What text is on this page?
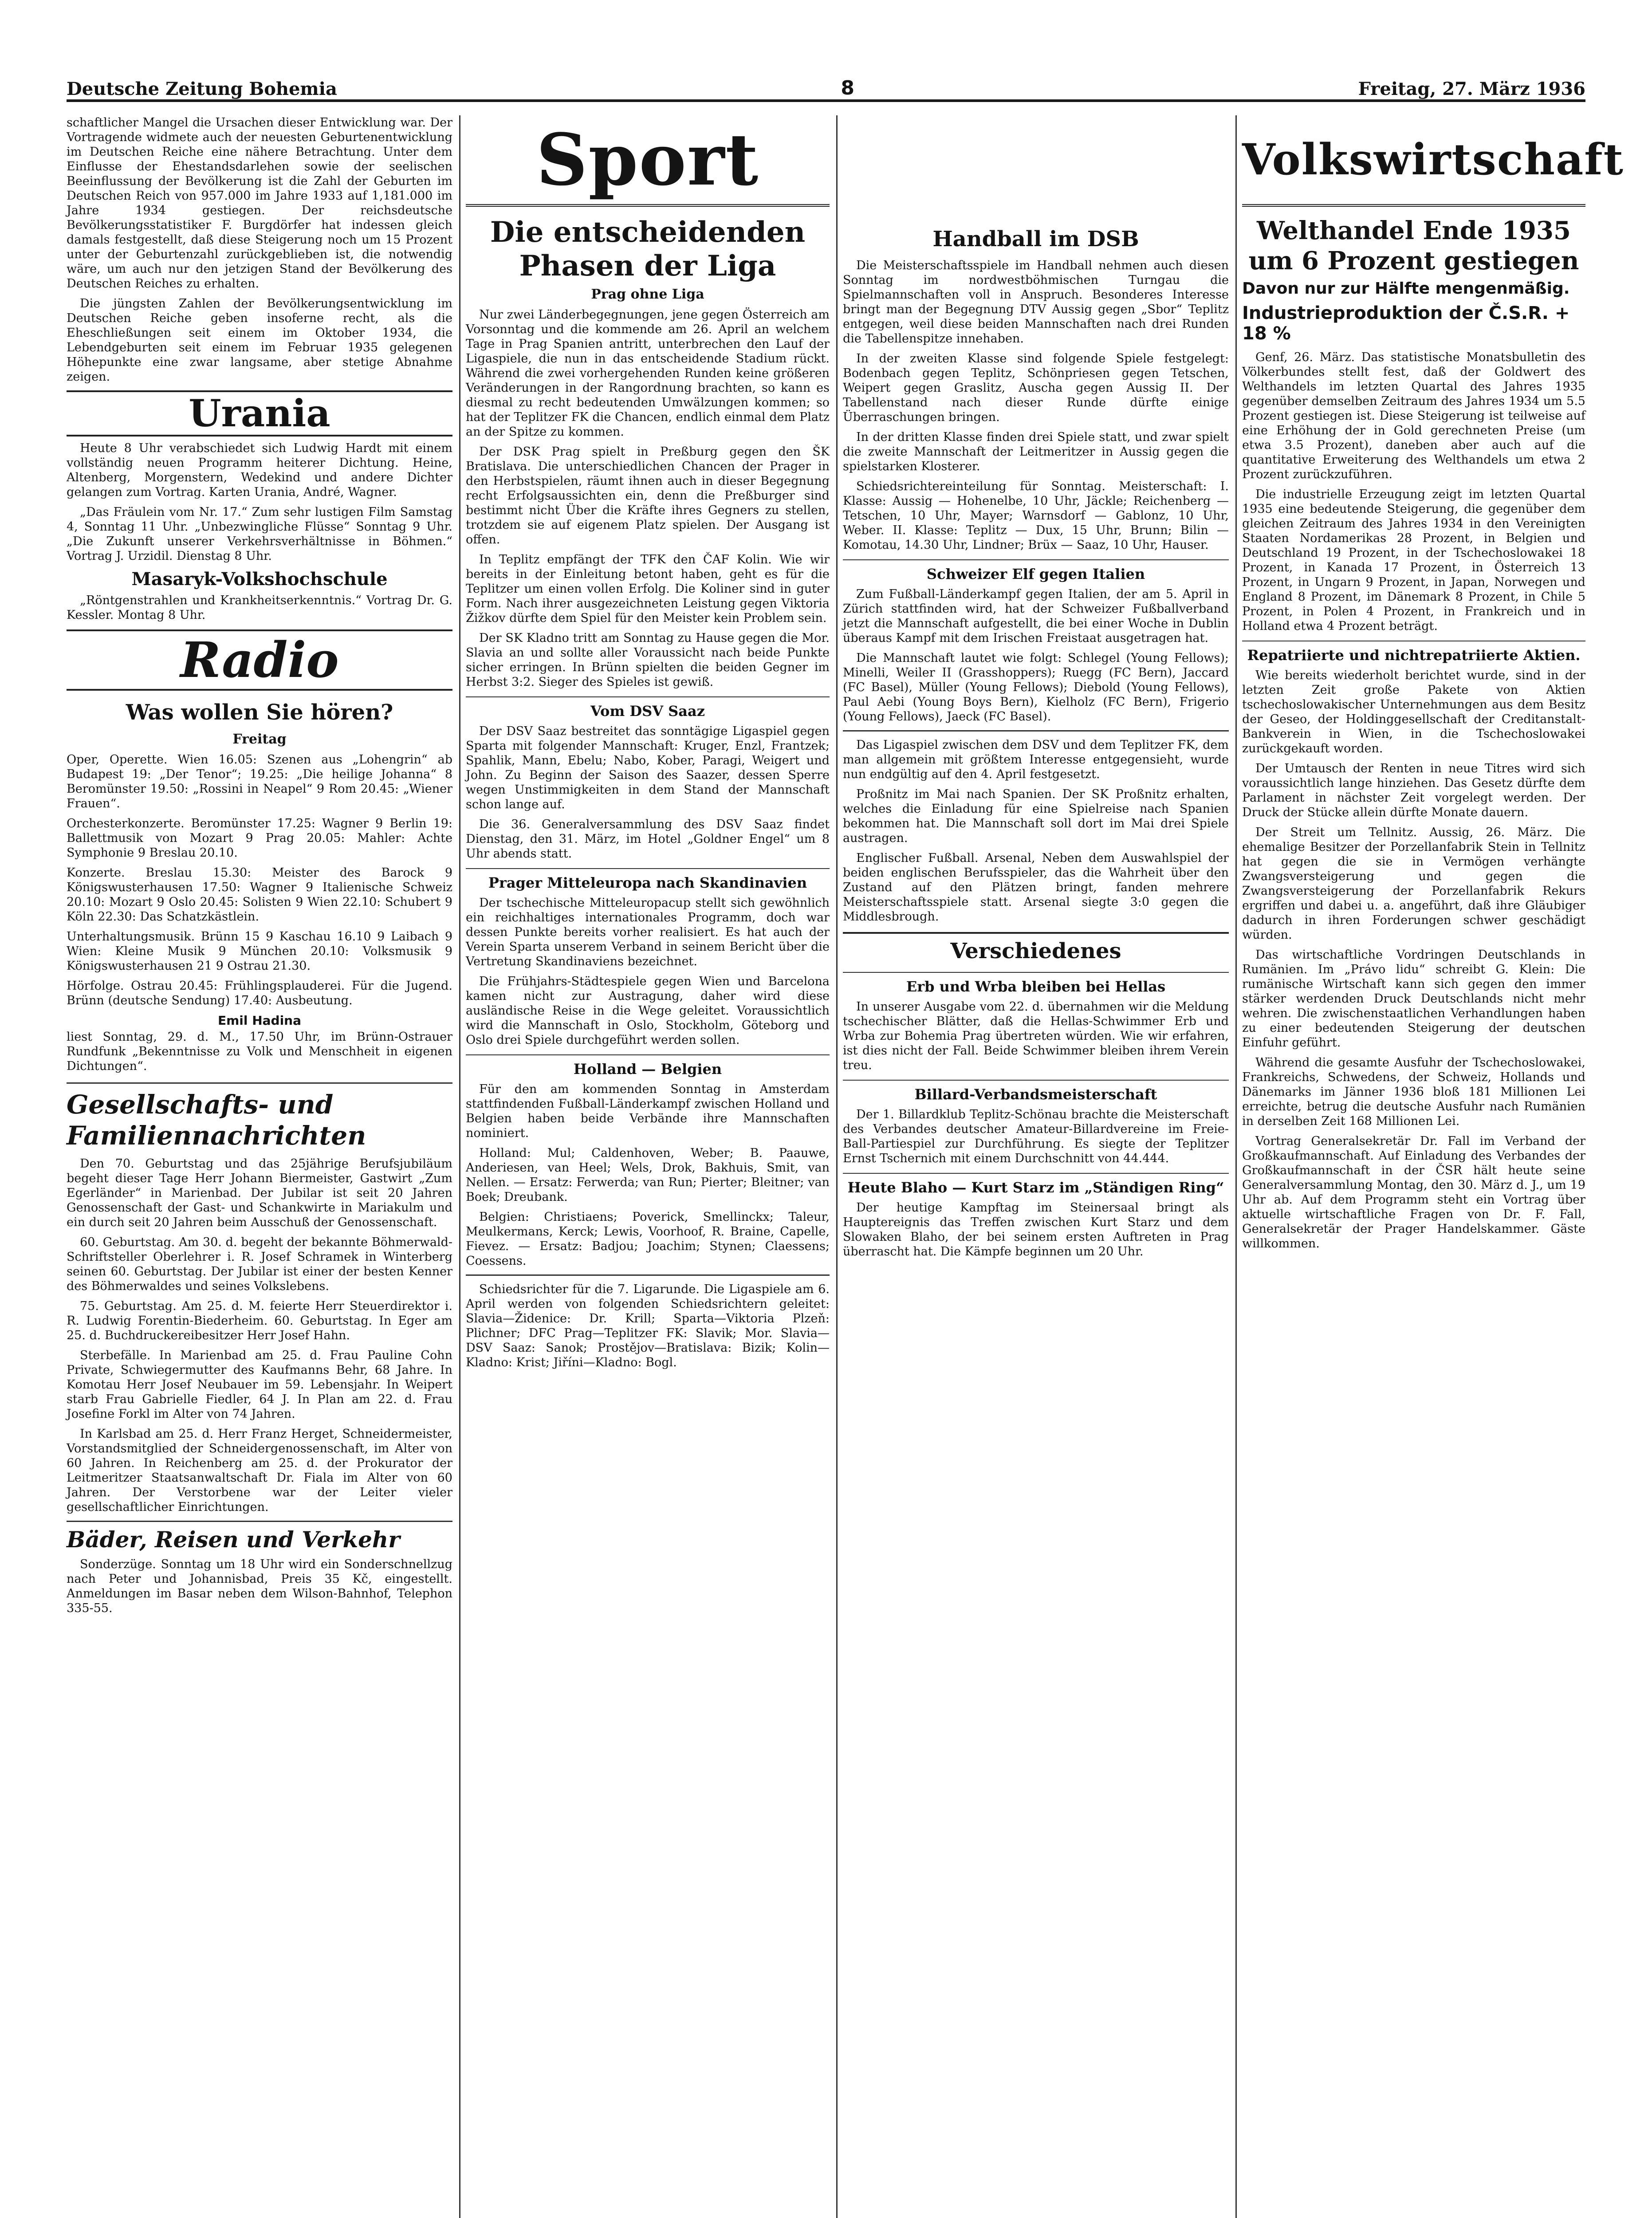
Deutsche Zeitung Bohemia	8	Freitag, 27. März 1936

schaftlicher Mangel die Ursachen dieser Entwicklung war. Der Vortragende widmete auch der neuesten Geburtenentwicklung im Deutschen Reiche eine nähere Betrachtung. Unter dem Einflusse der Ehestandsdarlehen sowie der seelischen Beeinflussung der Bevölkerung ist die Zahl der Geburten im Deutschen Reich von 957.000 im Jahre 1933 auf 1,181.000 im Jahre 1934 gestiegen. Der reichsdeutsche Bevölkerungsstatistiker F. Burgdörfer hat indessen gleich damals festgestellt, daß diese Steigerung noch um 15 Prozent unter der Geburtenzahl zurückgeblieben ist, die notwendig wäre, um auch nur den jetzigen Stand der Bevölkerung des Deutschen Reiches zu erhalten.

Die jüngsten Zahlen der Bevölkerungsentwicklung im Deutschen Reiche geben insoferne recht, als die Eheschließungen seit einem im Oktober 1934, die Lebendgeburten seit einem im Februar 1935 gelegenen Höhepunkte eine zwar langsame, aber stetige Abnahme zeigen.

Urania

Heute 8 Uhr verabschiedet sich Ludwig Hardt mit einem vollständig neuen Programm heiterer Dichtung. Heine, Altenberg, Morgenstern, Wedekind und andere Dichter gelangen zum Vortrag. Karten Urania, André, Wagner.

„Das Fräulein vom Nr. 17.“ Zum sehr lustigen Film Samstag 4, Sonntag 11 Uhr. „Unbezwingliche Flüsse“ Sonntag 9 Uhr. „Die Zukunft unserer Verkehrsverhältnisse in Böhmen.“ Vortrag J. Urzidil. Dienstag 8 Uhr.

Masaryk-Volkshochschule

„Röntgenstrahlen und Krankheitserkenntnis.“ Vortrag Dr. G. Kessler. Montag 8 Uhr.

Radio
Was wollen Sie hören?
Freitag

Oper, Operette. Wien 16.05: Szenen aus „Lohengrin“ ab Budapest 19: „Der Tenor“; 19.25: „Die heilige Johanna“ 8 Beromünster 19.50: „Rossini in Neapel“ 9 Rom 20.45: „Wiener Frauen“.

Orchesterkonzerte. Beromünster 17.25: Wagner 9 Berlin 19: Ballettmusik von Mozart 9 Prag 20.05: Mahler: Achte Symphonie 9 Breslau 20.10.

Konzerte. Breslau 15.30: Meister des Barock 9 Königswusterhausen 17.50: Wagner 9 Italienische Schweiz 20.10: Mozart 9 Oslo 20.45: Solisten 9 Wien 22.10: Schubert 9 Köln 22.30: Das Schatzkästlein.

Unterhaltungsmusik. Brünn 15 9 Kaschau 16.10 9 Laibach 9 Wien: Kleine Musik 9 München 20.10: Volksmusik 9 Königswusterhausen 21 9 Ostrau 21.30.

Hörfolge. Ostrau 20.45: Frühlingsplauderei. Für die Jugend. Brünn (deutsche Sendung) 17.40: Ausbeutung.

Emil Hadina

liest Sonntag, 29. d. M., 17.50 Uhr, im Brünn-Ostrauer Rundfunk „Bekenntnisse zu Volk und Menschheit in eigenen Dichtungen“.

Gesellschafts- und Familiennachrichten

Den 70. Geburtstag und das 25jährige Berufsjubiläum begeht dieser Tage Herr Johann Biermeister, Gastwirt „Zum Egerländer“ in Marienbad. Der Jubilar ist seit 20 Jahren Genossenschaft der Gast- und Schankwirte in Mariakulm und ein durch seit 20 Jahren beim Ausschuß der Genossenschaft.

60. Geburtstag. Am 30. d. begeht der bekannte Böhmerwald-Schriftsteller Oberlehrer i. R. Josef Schramek in Winterberg seinen 60. Geburtstag. Der Jubilar ist einer der besten Kenner des Böhmerwaldes und seines Volkslebens.

75. Geburtstag. Am 25. d. M. feierte Herr Steuerdirektor i. R. Ludwig Forentin-Biederheim. 60. Geburtstag. In Eger am 25. d. Buchdruckereibesitzer Herr Josef Hahn.

Sterbefälle. In Marienbad am 25. d. Frau Pauline Cohn Private, Schwiegermutter des Kaufmanns Behr, 68 Jahre. In Komotau Herr Josef Neubauer im 59. Lebensjahr. In Weipert starb Frau Gabrielle Fiedler, 64 J. In Plan am 22. d. Frau Josefine Forkl im Alter von 74 Jahren.

In Karlsbad am 25. d. Herr Franz Herget, Schneidermeister, Vorstandsmitglied der Schneidergenossenschaft, im Alter von 60 Jahren. In Reichenberg am 25. d. der Prokurator der Leitmeritzer Staatsanwaltschaft Dr. Fiala im Alter von 60 Jahren. Der Verstorbene war der Leiter vieler gesellschaftlicher Einrichtungen.

Bäder, Reisen und Verkehr

Sonderzüge. Sonntag um 18 Uhr wird ein Sonderschnellzug nach Peter und Johannisbad, Preis 35 Kč, eingestellt. Anmeldungen im Basar neben dem Wilson-Bahnhof, Telephon 335-55.

Sport
Die entscheidenden Phasen der Liga
Prag ohne Liga

Nur zwei Länderbegegnungen, jene gegen Österreich am Vorsonntag und die kommende am 26. April an welchem Tage in Prag Spanien antritt, unterbrechen den Lauf der Ligaspiele, die nun in das entscheidende Stadium rückt. Während die zwei vorhergehenden Runden keine größeren Veränderungen in der Rangordnung brachten, so kann es diesmal zu recht bedeutenden Umwälzungen kommen; so hat der Teplitzer FK die Chancen, endlich einmal dem Platz an der Spitze zu kommen.

Der DSK Prag spielt in Preßburg gegen den ŠK Bratislava. Die unterschiedlichen Chancen der Prager in den Herbstspielen, räumt ihnen auch in dieser Begegnung recht Erfolgsaussichten ein, denn die Preßburger sind bestimmt nicht Über die Kräfte ihres Gegners zu stellen, trotzdem sie auf eigenem Platz spielen. Der Ausgang ist offen.

In Teplitz empfängt der TFK den ČAF Kolin. Wie wir bereits in der Einleitung betont haben, geht es für die Teplitzer um einen vollen Erfolg. Die Koliner sind in guter Form. Nach ihrer ausgezeichneten Leistung gegen Viktoria Žižkov dürfte dem Spiel für den Meister kein Problem sein.

Der SK Kladno tritt am Sonntag zu Hause gegen die Mor. Slavia an und sollte aller Voraussicht nach beide Punkte sicher erringen. In Brünn spielten die beiden Gegner im Herbst 3:2. Sieger des Spieles ist gewiß.

Vom DSV Saaz

Der DSV Saaz bestreitet das sonntägige Ligaspiel gegen Sparta mit folgender Mannschaft: Kruger, Enzl, Frantzek; Spahlik, Mann, Ebelu; Nabo, Kober, Paragi, Weigert und John. Zu Beginn der Saison des Saazer, dessen Sperre wegen Unstimmigkeiten in dem Stand der Mannschaft schon lange auf.

Die 36. Generalversammlung des DSV Saaz findet Dienstag, den 31. März, im Hotel „Goldner Engel“ um 8 Uhr abends statt.

Prager Mitteleuropa nach Skandinavien

Der tschechische Mitteleuropacup stellt sich gewöhnlich ein reichhaltiges internationales Programm, doch war dessen Punkte bereits vorher realisiert. Es hat auch der Verein Sparta unserem Verband in seinem Bericht über die Vertretung Skandinaviens bezeichnet.

Die Frühjahrs-Städtespiele gegen Wien und Barcelona kamen nicht zur Austragung, daher wird diese ausländische Reise in die Wege geleitet. Voraussichtlich wird die Mannschaft in Oslo, Stockholm, Göteborg und Oslo drei Spiele durchgeführt werden sollen.

Holland — Belgien

Für den am kommenden Sonntag in Amsterdam stattfindenden Fußball-Länderkampf zwischen Holland und Belgien haben beide Verbände ihre Mannschaften nominiert.

Holland: Mul; Caldenhoven, Weber; B. Paauwe, Anderiesen, van Heel; Wels, Drok, Bakhuis, Smit, van Nellen. — Ersatz: Ferwerda; van Run; Pierter; Bleitner; van Boek; Dreubank.

Belgien: Christiaens; Poverick, Smellinckx; Taleur, Meulkermans, Kerck; Lewis, Voorhoof, R. Braine, Capelle, Fievez. — Ersatz: Badjou; Joachim; Stynen; Claessens; Coessens.

Schiedsrichter für die 7. Ligarunde. Die Ligaspiele am 6. April werden von folgenden Schiedsrichtern geleitet: Slavia—Židenice: Dr. Krill; Sparta—Viktoria Plzeň: Plichner; DFC Prag—Teplitzer FK: Slavik; Mor. Slavia—DSV Saaz: Sanok; Prostějov—Bratislava: Bizik; Kolin—Kladno: Krist; Jiříni—Kladno: Bogl.

Handball im DSB

Die Meisterschaftsspiele im Handball nehmen auch diesen Sonntag im nordwestböhmischen Turngau die Spielmannschaften voll in Anspruch. Besonderes Interesse bringt man der Begegnung DTV Aussig gegen „Sbor“ Teplitz entgegen, weil diese beiden Mannschaften nach drei Runden die Tabellenspitze innehaben.

In der zweiten Klasse sind folgende Spiele festgelegt: Bodenbach gegen Teplitz, Schönpriesen gegen Tetschen, Weipert gegen Graslitz, Auscha gegen Aussig II. Der Tabellenstand nach dieser Runde dürfte einige Überraschungen bringen.

In der dritten Klasse finden drei Spiele statt, und zwar spielt die zweite Mannschaft der Leitmeritzer in Aussig gegen die spielstarken Klosterer.

Schiedsrichtereinteilung für Sonntag. Meisterschaft: I. Klasse: Aussig — Hohenelbe, 10 Uhr, Jäckle; Reichenberg — Tetschen, 10 Uhr, Mayer; Warnsdorf — Gablonz, 10 Uhr, Weber. II. Klasse: Teplitz — Dux, 15 Uhr, Brunn; Bilin — Komotau, 14.30 Uhr, Lindner; Brüx — Saaz, 10 Uhr, Hauser.

Schweizer Elf gegen Italien

Zum Fußball-Länderkampf gegen Italien, der am 5. April in Zürich stattfinden wird, hat der Schweizer Fußballverband jetzt die Mannschaft aufgestellt, die bei einer Woche in Dublin überaus Kampf mit dem Irischen Freistaat ausgetragen hat.

Die Mannschaft lautet wie folgt: Schlegel (Young Fellows); Minelli, Weiler II (Grasshoppers); Ruegg (FC Bern), Jaccard (FC Basel), Müller (Young Fellows); Diebold (Young Fellows), Paul Aebi (Young Boys Bern), Kielholz (FC Bern), Frigerio (Young Fellows), Jaeck (FC Basel).

Das Ligaspiel zwischen dem DSV und dem Teplitzer FK, dem man allgemein mit größtem Interesse entgegensieht, wurde nun endgültig auf den 4. April festgesetzt.

Proßnitz im Mai nach Spanien. Der SK Proßnitz erhalten, welches die Einladung für eine Spielreise nach Spanien bekommen hat. Die Mannschaft soll dort im Mai drei Spiele austragen.

Englischer Fußball. Arsenal, Neben dem Auswahlspiel der beiden englischen Berufsspieler, das die Wahrheit über den Zustand auf den Plätzen bringt, fanden mehrere Meisterschaftsspiele statt. Arsenal siegte 3:0 gegen die Middlesbrough.

Verschiedenes
Erb und Wrba bleiben bei Hellas

In unserer Ausgabe vom 22. d. übernahmen wir die Meldung tschechischer Blätter, daß die Hellas-Schwimmer Erb und Wrba zur Bohemia Prag übertreten würden. Wie wir erfahren, ist dies nicht der Fall. Beide Schwimmer bleiben ihrem Verein treu.

Billard-Verbandsmeisterschaft

Der 1. Billardklub Teplitz-Schönau brachte die Meisterschaft des Verbandes deutscher Amateur-Billardvereine im Freie-Ball-Partiespiel zur Durchführung. Es siegte der Teplitzer Ernst Tschernich mit einem Durchschnitt von 44.444.

Heute Blaho — Kurt Starz im „Ständigen Ring“

Der heutige Kampftag im Steinersaal bringt als Hauptereignis das Treffen zwischen Kurt Starz und dem Slowaken Blaho, der bei seinem ersten Auftreten in Prag überrascht hat. Die Kämpfe beginnen um 20 Uhr.

Volkswirtschaft
Welthandel Ende 1935 um 6 Prozent gestiegen
Davon nur zur Hälfte mengenmäßig.
Industrieproduktion der Č.S.R. + 18 %

Genf, 26. März. Das statistische Monatsbulletin des Völkerbundes stellt fest, daß der Goldwert des Welthandels im letzten Quartal des Jahres 1935 gegenüber demselben Zeitraum des Jahres 1934 um 5.5 Prozent gestiegen ist. Diese Steigerung ist teilweise auf eine Erhöhung der in Gold gerechneten Preise (um etwa 3.5 Prozent), daneben aber auch auf die quantitative Erweiterung des Welthandels um etwa 2 Prozent zurückzuführen.

Die industrielle Erzeugung zeigt im letzten Quartal 1935 eine bedeutende Steigerung, die gegenüber dem gleichen Zeitraum des Jahres 1934 in den Vereinigten Staaten Nordamerikas 28 Prozent, in Belgien und Deutschland 19 Prozent, in der Tschechoslowakei 18 Prozent, in Kanada 17 Prozent, in Österreich 13 Prozent, in Ungarn 9 Prozent, in Japan, Norwegen und England 8 Prozent, im Dänemark 8 Prozent, in Chile 5 Prozent, in Polen 4 Prozent, in Frankreich und in Holland etwa 4 Prozent beträgt.

Repatriierte und nichtrepatriierte Aktien.

Wie bereits wiederholt berichtet wurde, sind in der letzten Zeit große Pakete von Aktien tschechoslowakischer Unternehmungen aus dem Besitz der Geseo, der Holdinggesellschaft der Creditanstalt-Bankverein in Wien, in die Tschechoslowakei zurückgekauft worden.

Der Umtausch der Renten in neue Titres wird sich voraussichtlich lange hinziehen. Das Gesetz dürfte dem Parlament in nächster Zeit vorgelegt werden. Der Druck der Stücke allein dürfte Monate dauern.

Der Streit um Tellnitz. Aussig, 26. März. Die ehemalige Besitzer der Porzellanfabrik Stein in Tellnitz hat gegen die sie in Vermögen verhängte Zwangsversteigerung und gegen die Zwangsversteigerung der Porzellanfabrik Rekurs ergriffen und dabei u. a. angeführt, daß ihre Gläubiger dadurch in ihren Forderungen schwer geschädigt würden.

Das wirtschaftliche Vordringen Deutschlands in Rumänien. Im „Právo lidu“ schreibt G. Klein: Die rumänische Wirtschaft kann sich gegen den immer stärker werdenden Druck Deutschlands nicht mehr wehren. Die zwischenstaatlichen Verhandlungen haben zu einer bedeutenden Steigerung der deutschen Einfuhr geführt.

Während die gesamte Ausfuhr der Tschechoslowakei, Frankreichs, Schwedens, der Schweiz, Hollands und Dänemarks im Jänner 1936 bloß 181 Millionen Lei erreichte, betrug die deutsche Ausfuhr nach Rumänien in derselben Zeit 168 Millionen Lei.

Vortrag Generalsekretär Dr. Fall im Verband der Großkaufmannschaft. Auf Einladung des Verbandes der Großkaufmannschaft in der ČSR hält heute seine Generalversammlung Montag, den 30. März d. J., um 19 Uhr ab. Auf dem Programm steht ein Vortrag über aktuelle wirtschaftliche Fragen von Dr. F. Fall, Generalsekretär der Prager Handelskammer. Gäste willkommen.
